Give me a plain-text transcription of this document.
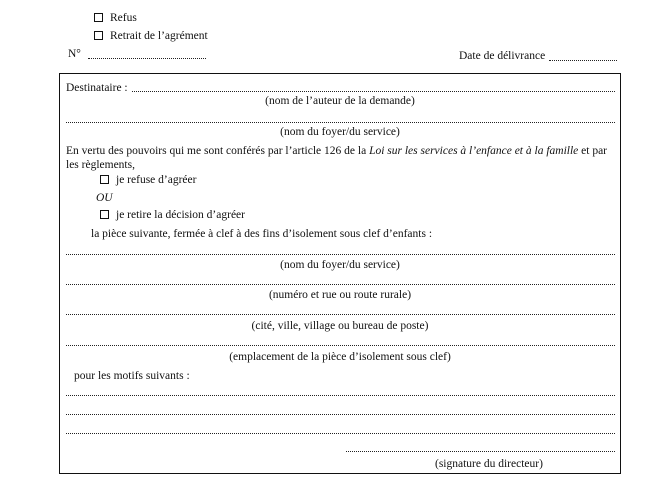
Refus
Retrait de l’agrément
N°	Date de délivrance
Destinataire :
(nom de l’auteur de la demande)
(nom du foyer/du service)
En vertu des pouvoirs qui me sont conférés par l’article 126 de la Loi sur les services à l’enfance et à la famille et par les règlements,
je refuse d’agréer
OU
je retire la décision d’agréer
la pièce suivante, fermée à clef à des fins d’isolement sous clef d’enfants :
(nom du foyer/du service)
(numéro et rue ou route rurale)
(cité, ville, village ou bureau de poste)
(emplacement de la pièce d’isolement sous clef)
pour les motifs suivants :
(signature du directeur)
